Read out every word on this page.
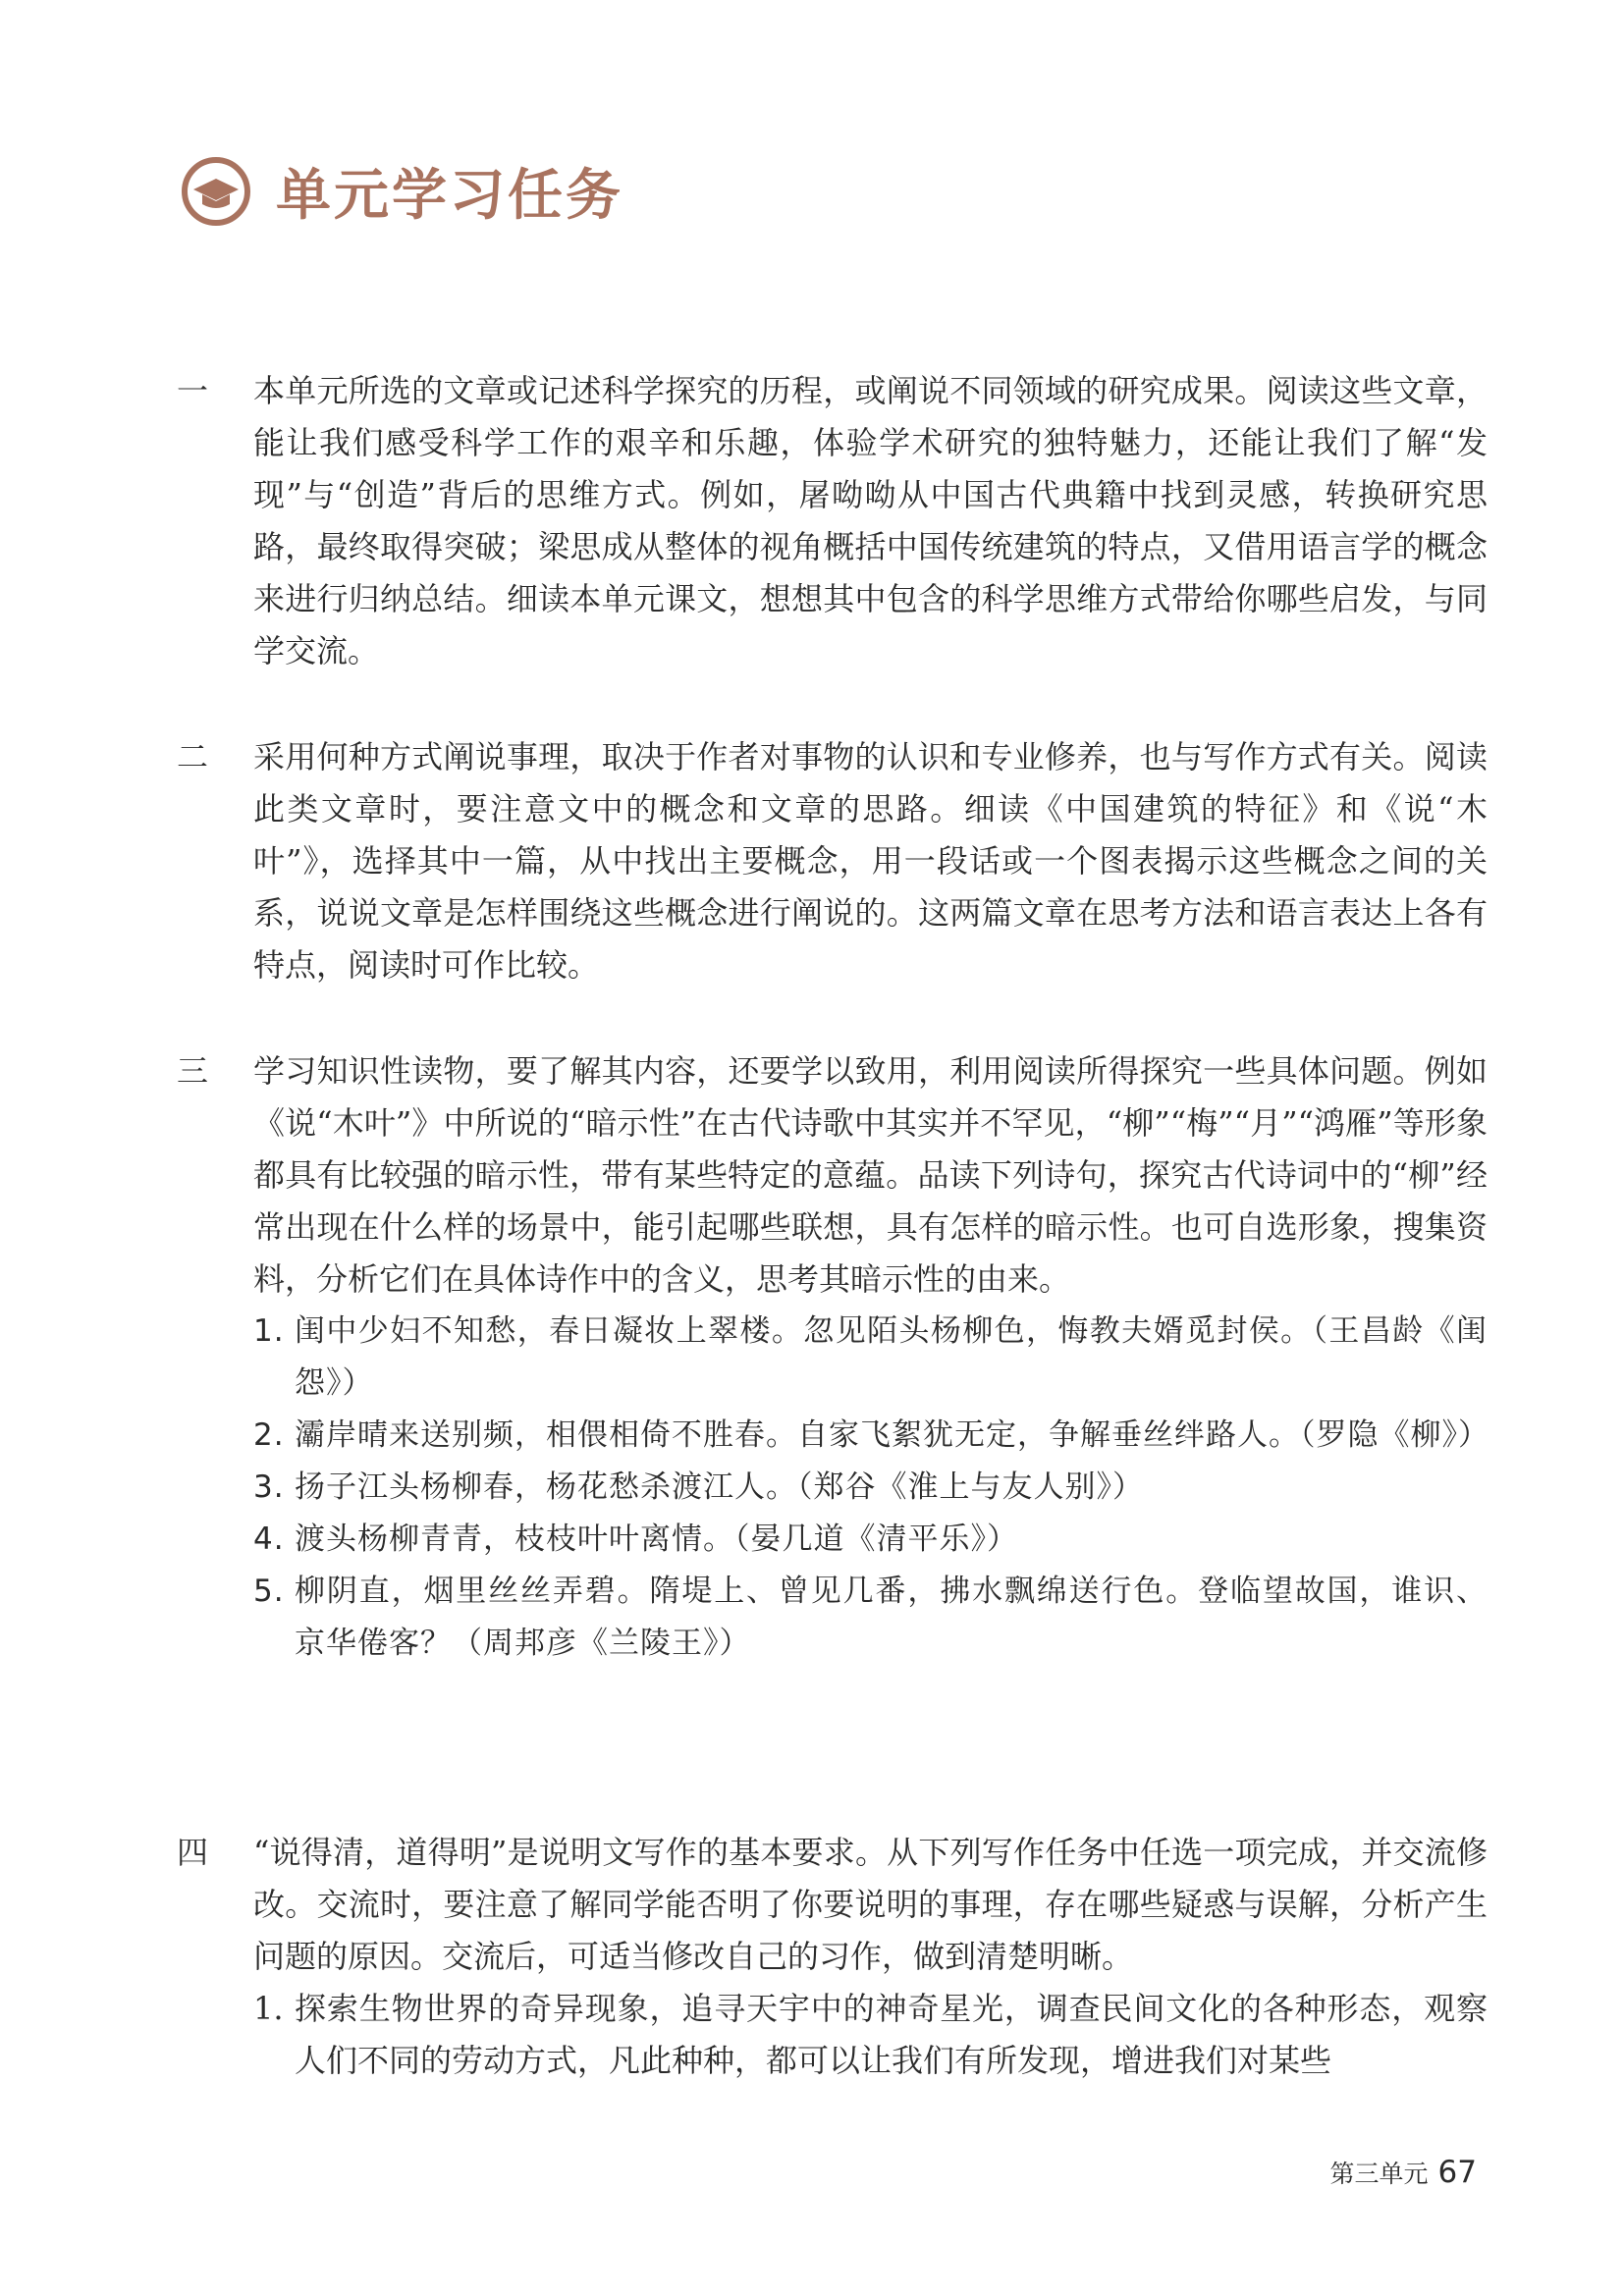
单元学习任务
一	本单元所选的文章或记述科学探究的历程，或阐说不同领域的研究成果。阅读这些文章，能让我们感受科学工作的艰辛和乐趣，体验学术研究的独特魅力，还能让我们了解“发现”与“创造”背后的思维方式。例如，屠呦呦从中国古代典籍中找到灵感，转换研究思路，最终取得突破；梁思成从整体的视角概括中国传统建筑的特点，又借用语言学的概念来进行归纳总结。细读本单元课文，想想其中包含的科学思维方式带给你哪些启发，与同学交流。

二	采用何种方式阐说事理，取决于作者对事物的认识和专业修养，也与写作方式有关。阅读此类文章时，要注意文中的概念和文章的思路。细读《中国建筑的特征》和《说“木叶”》，选择其中一篇，从中找出主要概念，用一段话或一个图表揭示这些概念之间的关系，说说文章是怎样围绕这些概念进行阐说的。这两篇文章在思考方法和语言表达上各有特点，阅读时可作比较。

三	学习知识性读物，要了解其内容，还要学以致用，利用阅读所得探究一些具体问题。例如《说“木叶”》中所说的“暗示性”在古代诗歌中其实并不罕见，“柳”“梅”“月”“鸿雁”等形象都具有比较强的暗示性，带有某些特定的意蕴。品读下列诗句，探究古代诗词中的“柳”经常出现在什么样的场景中，能引起哪些联想，具有怎样的暗示性。也可自选形象，搜集资料，分析它们在具体诗作中的含义，思考其暗示性的由来。

1. 闺中少妇不知愁，春日凝妆上翠楼。忽见陌头杨柳色，悔教夫婿觅封侯。（王昌龄《闺怨》）
2. 灞岸晴来送别频，相偎相倚不胜春。自家飞絮犹无定，争解垂丝绊路人。（罗隐《柳》）
3. 扬子江头杨柳春，杨花愁杀渡江人。（郑谷《淮上与友人别》）
4. 渡头杨柳青青，枝枝叶叶离情。（晏几道《清平乐》）
5. 柳阴直，烟里丝丝弄碧。隋堤上、曾见几番，拂水飘绵送行色。登临望故国，谁识、京华倦客？（周邦彦《兰陵王》）
四	“说得清，道得明”是说明文写作的基本要求。从下列写作任务中任选一项完成，并交流修改。交流时，要注意了解同学能否明了你要说明的事理，存在哪些疑惑与误解，分析产生问题的原因。交流后，可适当修改自己的习作，做到清楚明晰。

1. 探索生物世界的奇异现象，追寻天宇中的神奇星光，调查民间文化的各种形态，观察人们不同的劳动方式，凡此种种，都可以让我们有所发现，增进我们对某些
第三单元 67
